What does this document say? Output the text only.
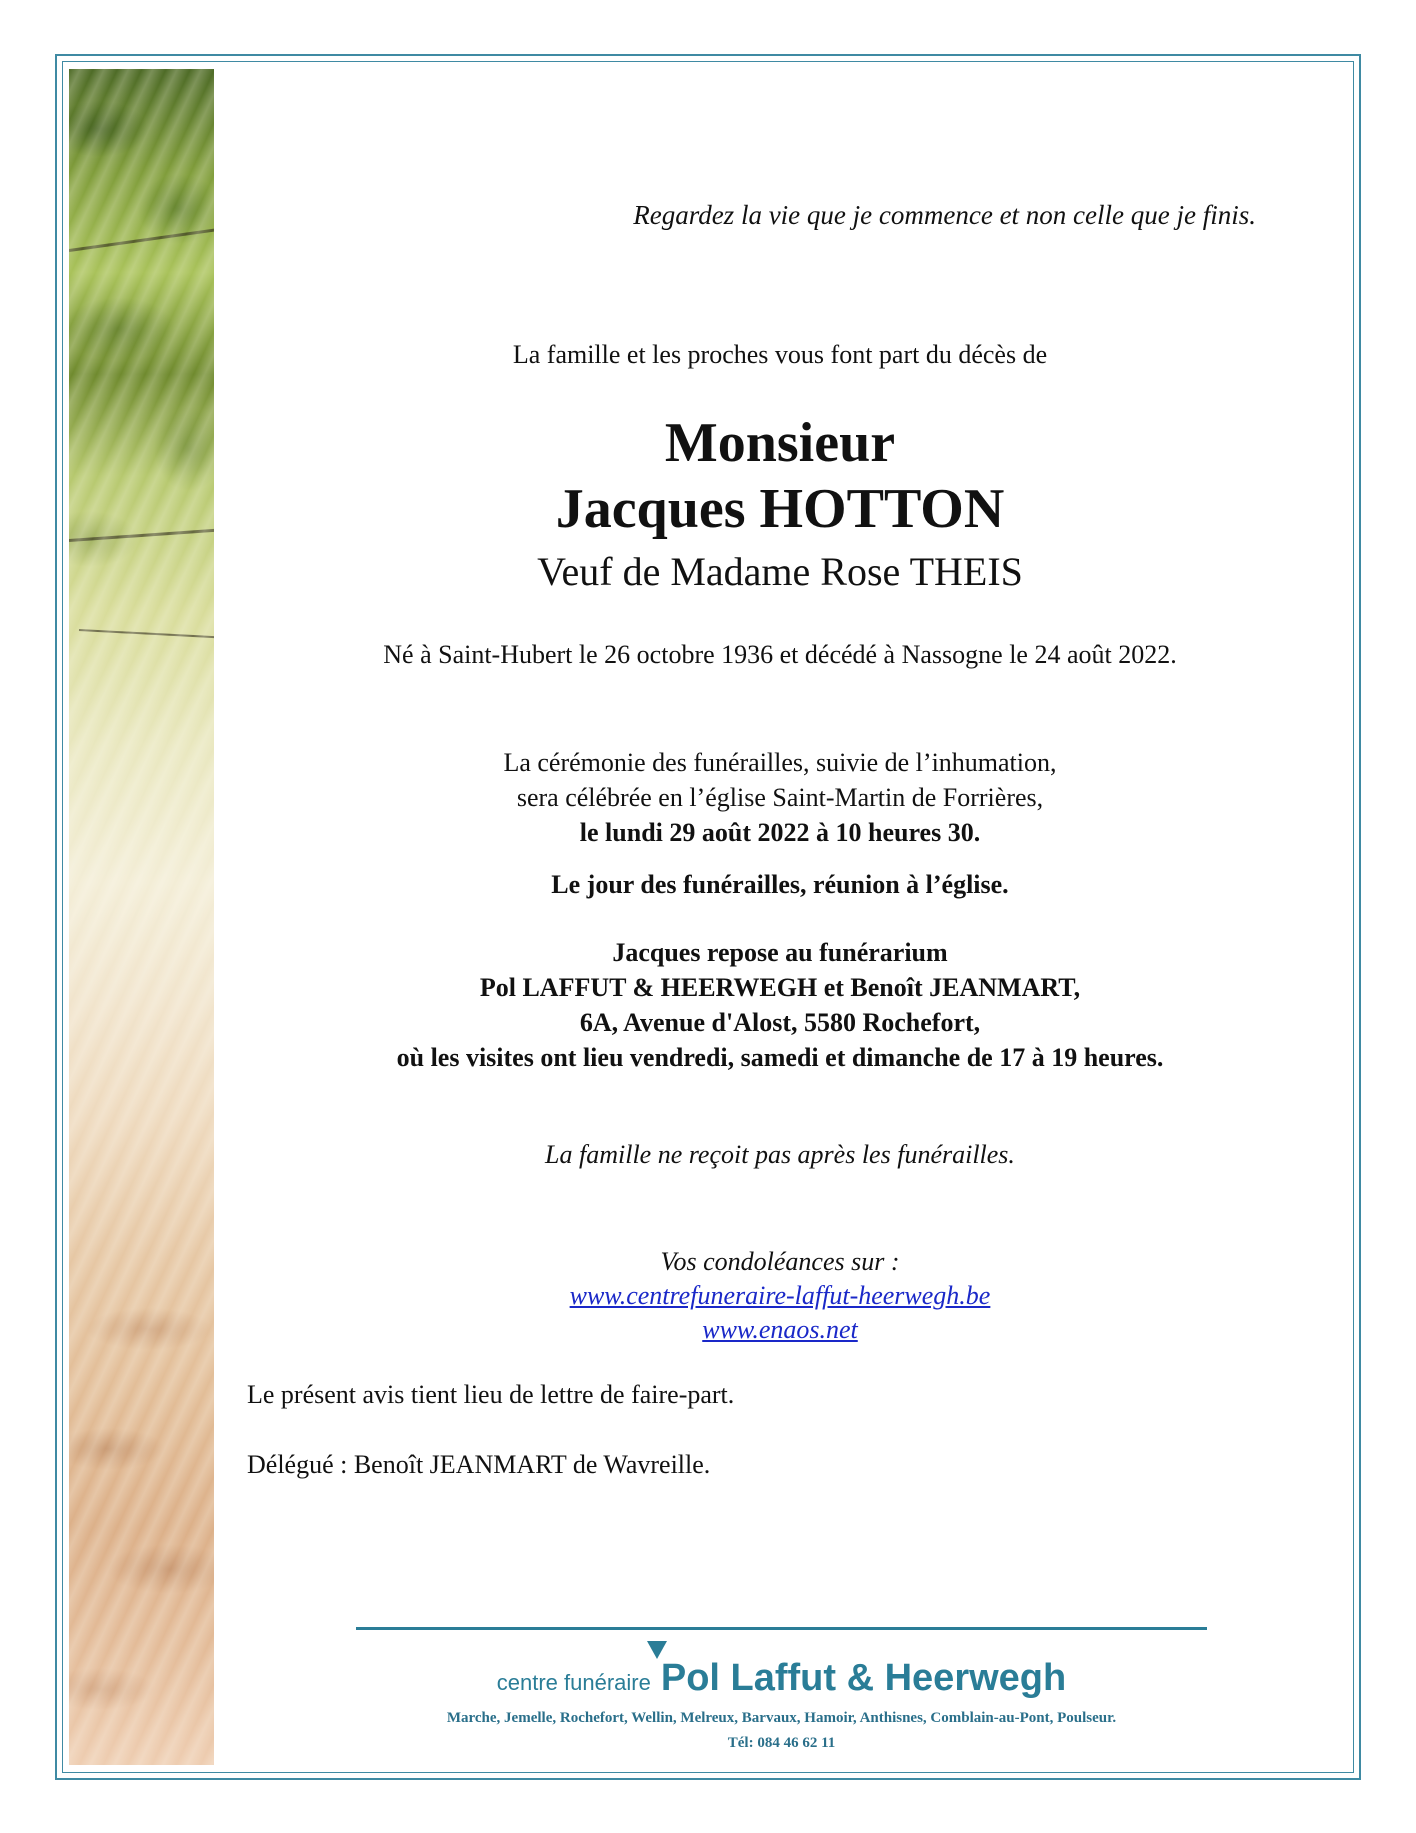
Regardez la vie que je commence et non celle que je finis.
La famille et les proches vous font part du décès de
Monsieur
Jacques HOTTON
Veuf de Madame Rose THEIS
Né à Saint-Hubert le 26 octobre 1936 et décédé à Nassogne le 24 août 2022.
La cérémonie des funérailles, suivie de l’inhumation,
sera célébrée en l’église Saint-Martin de Forrières,
le lundi 29 août 2022 à 10 heures 30.
Le jour des funérailles, réunion à l’église.
Jacques repose au funérarium
Pol LAFFUT & HEERWEGH et Benoît JEANMART,
6A, Avenue d'Alost, 5580 Rochefort,
où les visites ont lieu vendredi, samedi et dimanche de 17 à 19 heures.
La famille ne reçoit pas après les funérailles.
Vos condoléances sur :
www.centrefuneraire-laffut-heerwegh.be
www.enaos.net
Le présent avis tient lieu de lettre de faire-part.
Délégué : Benoît JEANMART de Wavreille.
centre funéraire Pol Laffut & Heerwegh
Marche, Jemelle, Rochefort, Wellin, Melreux, Barvaux, Hamoir, Anthisnes, Comblain-au-Pont, Poulseur.
Tél: 084 46 62 11
